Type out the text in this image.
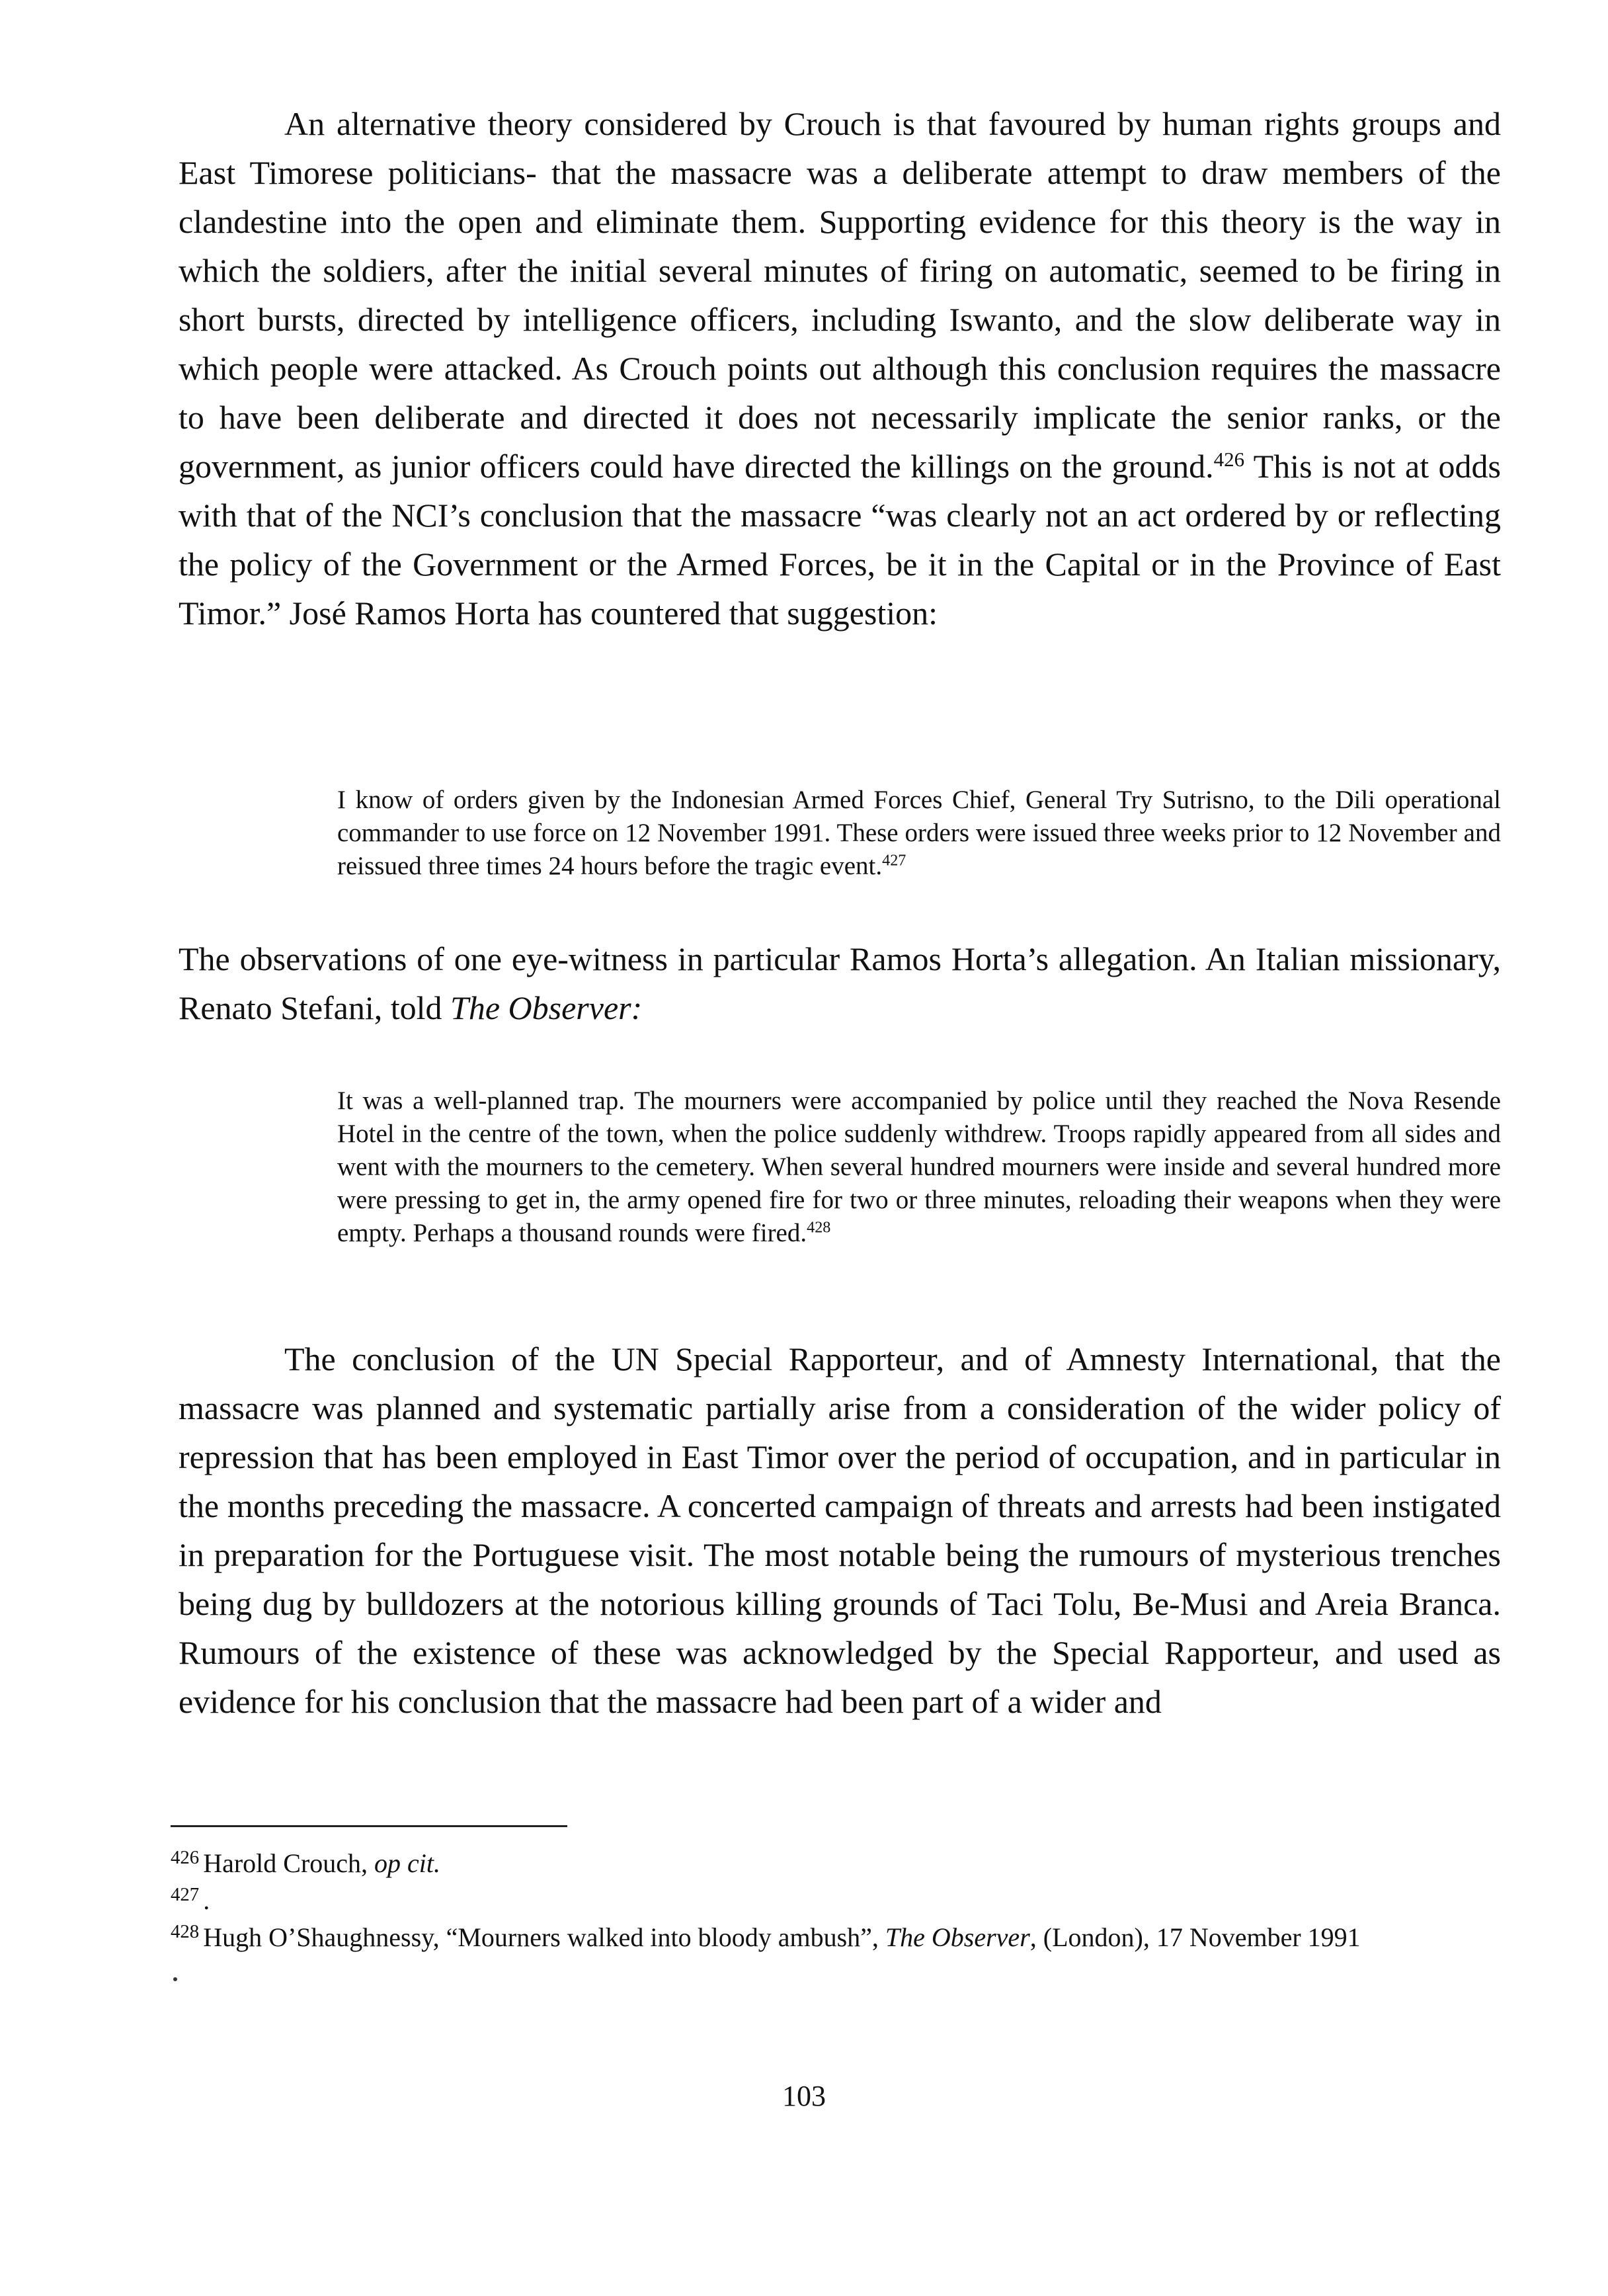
An alternative theory considered by Crouch is that favoured by human rights groups and East Timorese politicians- that the massacre was a deliberate attempt to draw members of the clandestine into the open and eliminate them. Supporting evidence for this theory is the way in which the soldiers, after the initial several minutes of firing on automatic, seemed to be firing in short bursts, directed by intelligence officers, including Iswanto, and the slow deliberate way in which people were attacked. As Crouch points out although this conclusion requires the massacre to have been deliberate and directed it does not necessarily implicate the senior ranks, or the government, as junior officers could have directed the killings on the ground.$^{426}$ This is not at odds with that of the NCI’s conclusion that the massacre “was clearly not an act ordered by or reflecting the policy of the Government or the Armed Forces, be it in the Capital or in the Province of East Timor.” José Ramos Horta has countered that suggestion:

I know of orders given by the Indonesian Armed Forces Chief, General Try Sutrisno, to the Dili operational commander to use force on 12 November 1991. These orders were issued three weeks prior to 12 November and reissued three times 24 hours before the tragic event.$^{427}$

The observations of one eye-witness in particular Ramos Horta’s allegation. An Italian missionary, Renato Stefani, told The Observer:

It was a well-planned trap. The mourners were accompanied by police until they reached the Nova Resende Hotel in the centre of the town, when the police suddenly withdrew. Troops rapidly appeared from all sides and went with the mourners to the cemetery. When several hundred mourners were inside and several hundred more were pressing to get in, the army opened fire for two or three minutes, reloading their weapons when they were empty. Perhaps a thousand rounds were fired.$^{428}$

The conclusion of the UN Special Rapporteur, and of Amnesty International, that the massacre was planned and systematic partially arise from a consideration of the wider policy of repression that has been employed in East Timor over the period of occupation, and in particular in the months preceding the massacre. A concerted campaign of threats and arrests had been instigated in preparation for the Portuguese visit. The most notable being the rumours of mysterious trenches being dug by bulldozers at the notorious killing grounds of Taci Tolu, Be-Musi and Areia Branca. Rumours of the existence of these was acknowledged by the Special Rapporteur, and used as evidence for his conclusion that the massacre had been part of a wider and

$^{426}$ Harold Crouch, op cit.

$^{427}$ .

$^{428}$ Hugh O’Shaughnessy, “Mourners walked into bloody ambush”, The Observer, (London), 17 November 1991

103
